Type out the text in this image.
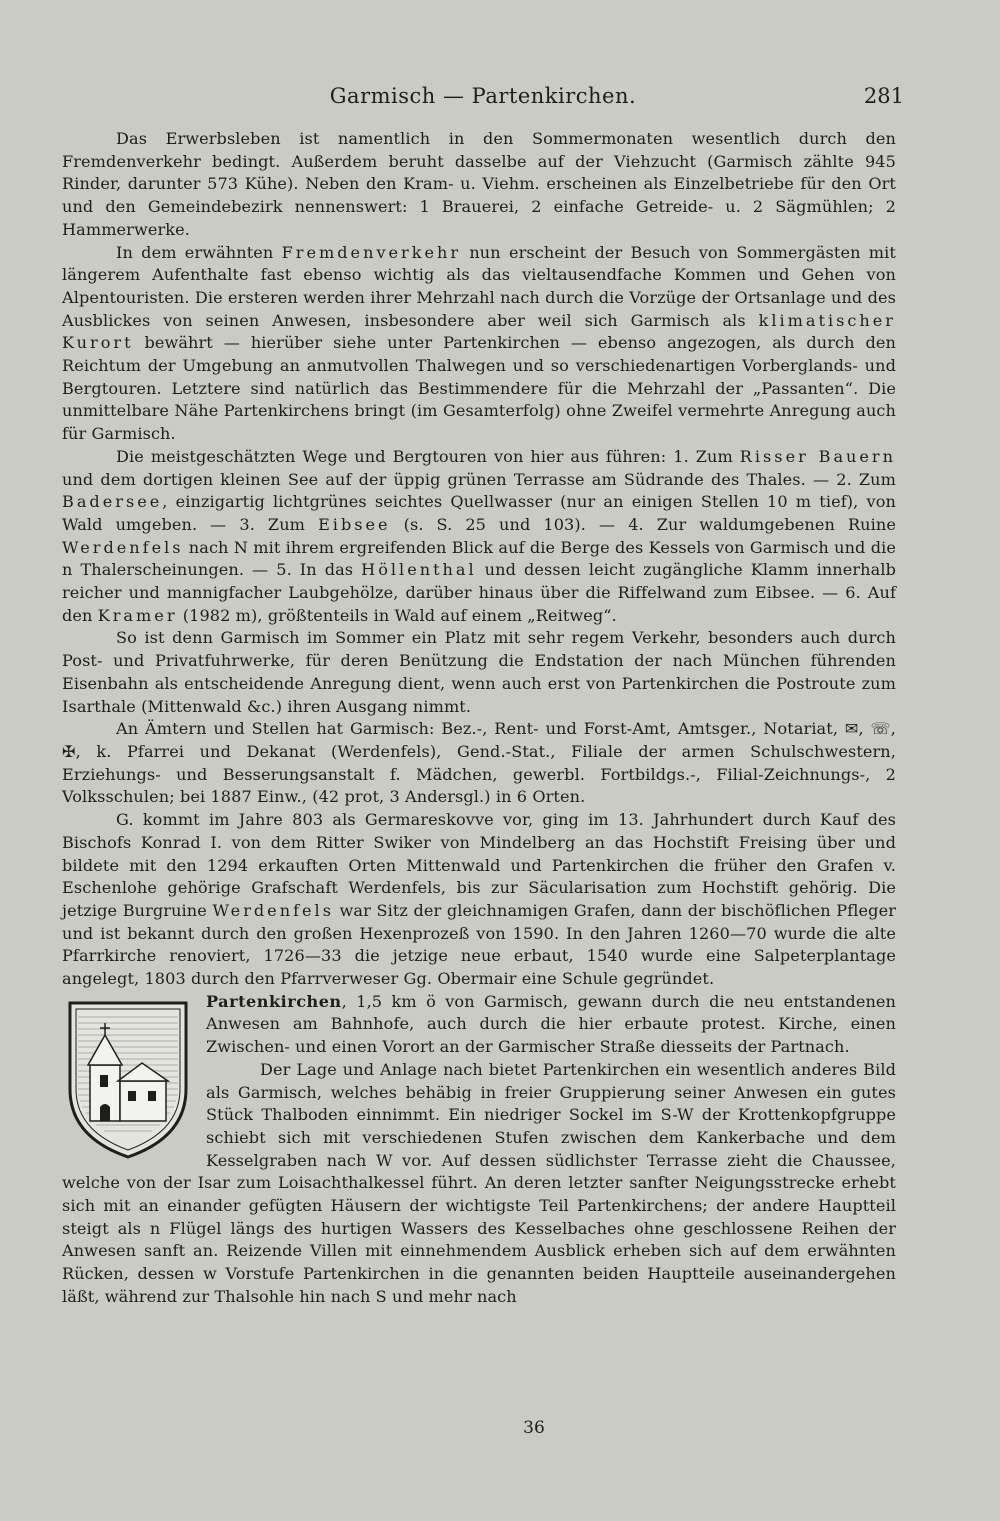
Garmisch — Partenkirchen.	281

Das Erwerbsleben ist namentlich in den Sommermonaten wesentlich durch den Fremdenverkehr bedingt. Außerdem beruht dasselbe auf der Viehzucht (Garmisch zählte 945 Rinder, darunter 573 Kühe). Neben den Kram- u. Viehm. erscheinen als Einzelbetriebe für den Ort und den Gemeindebezirk nennenswert: 1 Brauerei, 2 einfache Getreide- u. 2 Sägmühlen; 2 Hammerwerke.

In dem erwähnten Fremdenverkehr nun erscheint der Besuch von Sommergästen mit längerem Aufenthalte fast ebenso wichtig als das vieltausendfache Kommen und Gehen von Alpentouristen. Die ersteren werden ihrer Mehrzahl nach durch die Vorzüge der Ortsanlage und des Ausblickes von seinen Anwesen, insbesondere aber weil sich Garmisch als klimatischer Kurort bewährt — hierüber siehe unter Partenkirchen — ebenso angezogen, als durch den Reichtum der Umgebung an anmutvollen Thalwegen und so verschiedenartigen Vorberglands- und Bergtouren. Letztere sind natürlich das Bestimmendere für die Mehrzahl der „Passanten“. Die unmittelbare Nähe Partenkirchens bringt (im Gesamterfolg) ohne Zweifel vermehrte Anregung auch für Garmisch.

Die meistgeschätzten Wege und Bergtouren von hier aus führen: 1. Zum Risser Bauern und dem dortigen kleinen See auf der üppig grünen Terrasse am Südrande des Thales. — 2. Zum Badersee, einzigartig lichtgrünes seichtes Quellwasser (nur an einigen Stellen 10 m tief), von Wald umgeben. — 3. Zum Eibsee (s. S. 25 und 103). — 4. Zur waldumgebenen Ruine Werdenfels nach N mit ihrem ergreifenden Blick auf die Berge des Kessels von Garmisch und die n Thalerscheinungen. — 5. In das Höllenthal und dessen leicht zugängliche Klamm innerhalb reicher und mannigfacher Laubgehölze, darüber hinaus über die Riffelwand zum Eibsee. — 6. Auf den Kramer (1982 m), größtenteils in Wald auf einem „Reitweg“.

So ist denn Garmisch im Sommer ein Platz mit sehr regem Verkehr, besonders auch durch Post- und Privatfuhrwerke, für deren Benützung die Endstation der nach München führenden Eisenbahn als entscheidende Anregung dient, wenn auch erst von Partenkirchen die Postroute zum Isarthale (Mittenwald &c.) ihren Ausgang nimmt.

An Ämtern und Stellen hat Garmisch: Bez.-, Rent- und Forst-Amt, Amtsger., Notariat, ✉, ☏, ✠, k. Pfarrei und Dekanat (Werdenfels), Gend.-Stat., Filiale der armen Schulschwestern, Erziehungs- und Besserungsanstalt f. Mädchen, gewerbl. Fortbildgs.-, Filial-Zeichnungs-, 2 Volksschulen; bei 1887 Einw., (42 prot, 3 Andersgl.) in 6 Orten.

G. kommt im Jahre 803 als Germareskovve vor, ging im 13. Jahrhundert durch Kauf des Bischofs Konrad I. von dem Ritter Swiker von Mindelberg an das Hochstift Freising über und bildete mit den 1294 erkauften Orten Mittenwald und Partenkirchen die früher den Grafen v. Eschenlohe gehörige Grafschaft Werdenfels, bis zur Säcularisation zum Hochstift gehörig. Die jetzige Burgruine Werdenfels war Sitz der gleichnamigen Grafen, dann der bischöflichen Pfleger und ist bekannt durch den großen Hexenprozeß von 1590. In den Jahren 1260—70 wurde die alte Pfarrkirche renoviert, 1726—33 die jetzige neue erbaut, 1540 wurde eine Salpeterplantage angelegt, 1803 durch den Pfarrverweser Gg. Obermair eine Schule gegründet.

Partenkirchen, 1,5 km ö von Garmisch, gewann durch die neu entstandenen Anwesen am Bahnhofe, auch durch die hier erbaute protest. Kirche, einen Zwischen- und einen Vorort an der Garmischer Straße diesseits der Partnach.

Der Lage und Anlage nach bietet Partenkirchen ein wesentlich anderes Bild als Garmisch, welches behäbig in freier Gruppierung seiner Anwesen ein gutes Stück Thalboden einnimmt. Ein niedriger Sockel im S-W der Krottenkopfgruppe schiebt sich mit verschiedenen Stufen zwischen dem Kankerbache und dem Kesselgraben nach W vor. Auf dessen südlichster Terrasse zieht die Chaussee, welche von der Isar zum Loisachthalkessel führt. An deren letzter sanfter Neigungsstrecke erhebt sich mit an einander gefügten Häusern der wichtigste Teil Partenkirchens; der andere Hauptteil steigt als n Flügel längs des hurtigen Wassers des Kesselbaches ohne geschlossene Reihen der Anwesen sanft an. Reizende Villen mit einnehmendem Ausblick erheben sich auf dem erwähnten Rücken, dessen w Vorstufe Partenkirchen in die genannten beiden Hauptteile auseinandergehen läßt, während zur Thalsohle hin nach S und mehr nach

36
